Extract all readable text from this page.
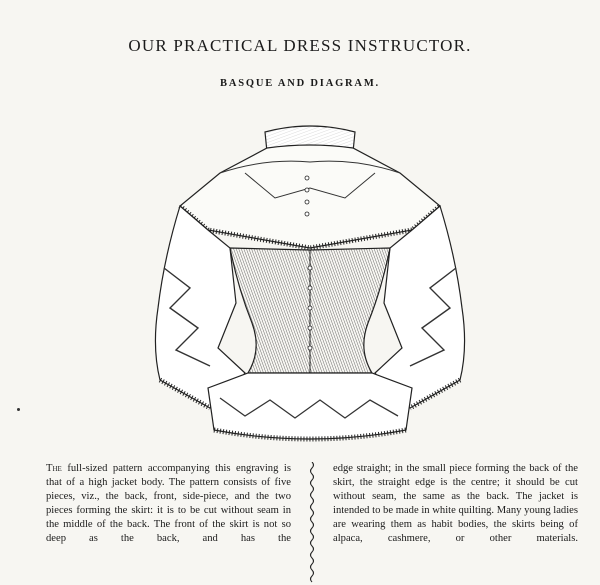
OUR PRACTICAL DRESS INSTRUCTOR.
BASQUE AND DIAGRAM.

The full-sized pattern accompanying this engraving is that of a high jacket body. The pattern consists of five pieces, viz., the back, front, side-piece, and the two pieces forming the skirt: it is to be cut without seam in the middle of the back. The front of the skirt is not so deep as the back, and has the

edge straight; in the small piece forming the back of the skirt, the straight edge is the centre; it should be cut without seam, the same as the back. The jacket is intended to be made in white quilting. Many young ladies are wearing them as habit bodies, the skirts being of alpaca, cashmere, or other materials.
